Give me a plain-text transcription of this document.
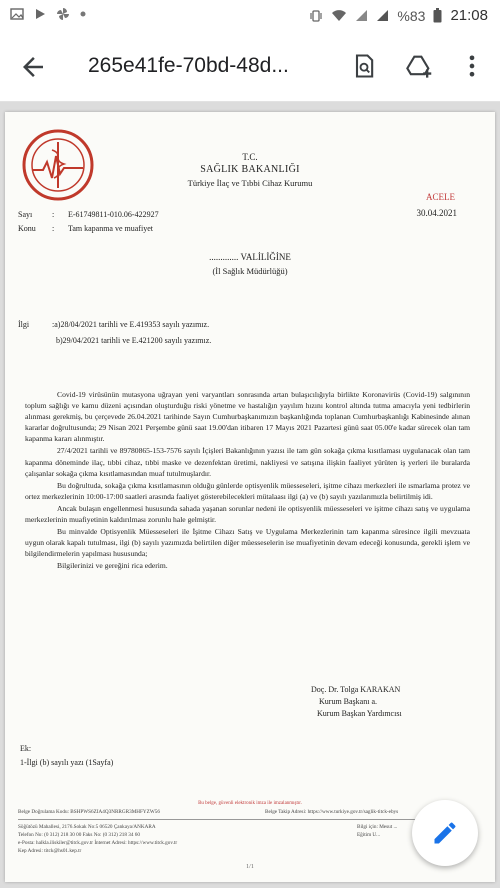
%83 21:08
265e41fe-70bd-48d...
T.C.
SAĞLIK BAKANLIĞI
Türkiye İlaç ve Tıbbi Cihaz Kurumu
ACELE
30.04.2021
Sayı : E-61749811-010.06-422927
Konu : Tam kapanma ve muafiyet
............. VALİLİĞİNE
(İl Sağlık Müdürlüğü)
İlgi	:a)28/04/2021 tarihli ve E.419353 sayılı yazımız.
b)29/04/2021 tarihli ve E.421200 sayılı yazımız.

Covid-19 virüsünün mutasyona uğrayan yeni varyantları sonrasında artan bulaşıcılığıyla birlikte Koronavirüs (Covid-19) salgınının toplum sağlığı ve kamu düzeni açısından oluşturduğu riski yönetme ve hastalığın yayılım hızını kontrol altında tutma amacıyla yeni tedbirlerin alınması gerekmiş, bu çerçevede 26.04.2021 tarihinde Sayın Cumhurbaşkanımızın başkanlığında toplanan Cumhurbaşkanlığı Kabinesinde alınan kararlar doğrultusunda; 29 Nisan 2021 Perşembe günü saat 19.00'dan itibaren 17 Mayıs 2021 Pazartesi günü saat 05.00'e kadar sürecek olan tam kapanma kararı alınmıştır.

27/4/2021 tarihli ve 89780865-153-7576 sayılı İçişleri Bakanlığının yazısı ile tam gün sokağa çıkma kısıtlaması uygulanacak olan tam kapanma döneminde ilaç, tıbbi cihaz, tıbbi maske ve dezenfektan üretimi, nakliyesi ve satışına ilişkin faaliyet yürüten iş yerleri ile buralarda çalışanlar sokağa çıkma kısıtlamasından muaf tutulmuşlardır.

Bu doğrultuda, sokağa çıkma kısıtlamasının olduğu günlerde optisyenlik müesseseleri, işitme cihazı merkezleri ile ısmarlama protez ve ortez merkezlerinin 10:00-17:00 saatleri arasında faaliyet gösterebilecekleri mütalaası ilgi (a) ve (b) sayılı yazılarımızla belirtilmiş idi.

Ancak bulaşın engellenmesi hususunda sahada yaşanan sorunlar nedeni ile optisyenlik müesseseleri ve işitme cihazı satış ve uygulama merkezlerinin muafiyetinin kaldırılması zorunlu hale gelmiştir.

Bu minvalde Optisyenlik Müesseseleri ile İşitme Cihazı Satış ve Uygulama Merkezlerinin tam kapanma süresince ilgili mevzuata uygun olarak kapalı tutulması, ilgi (b) sayılı yazımızda belirtilen diğer müesseselerin ise muafiyetinin devam edeceği konusunda, gerekli işlem ve bilgilendirmelerin yapılması hususunda;

Bilgilerinizi ve gereğini rica ederim.

Doç. Dr. Tolga KARAKAN
Kurum Başkanı a.
Kurum Başkan Yardımcısı
Ek:
1-İlgi (b) sayılı yazı (1Sayfa)
Bu belge, güvenli elektronik imza ile imzalanmıştır.
Belge Doğrulama Kodu: BSHPWS6ZIA4Q3NRRGR3MHFYZW56	Belge Takip Adresi: https://www.turkiye.gov.tr/saglik-titck-ebys
Söğütözü Mahallesi, 2176.Sokak No:5 06520 Çankaya/ANKARA	Bilgi için: Mesut ...
Telefon No: (0 312) 218 30 00 Faks No: (0 312) 218 34 60	Eğitim U...
e-Posta: halkla.iliskiler@titck.gov.tr İnternet Adresi: https://www.titck.gov.tr
Kep Adresi: titck@hs01.kep.tr
1/1
